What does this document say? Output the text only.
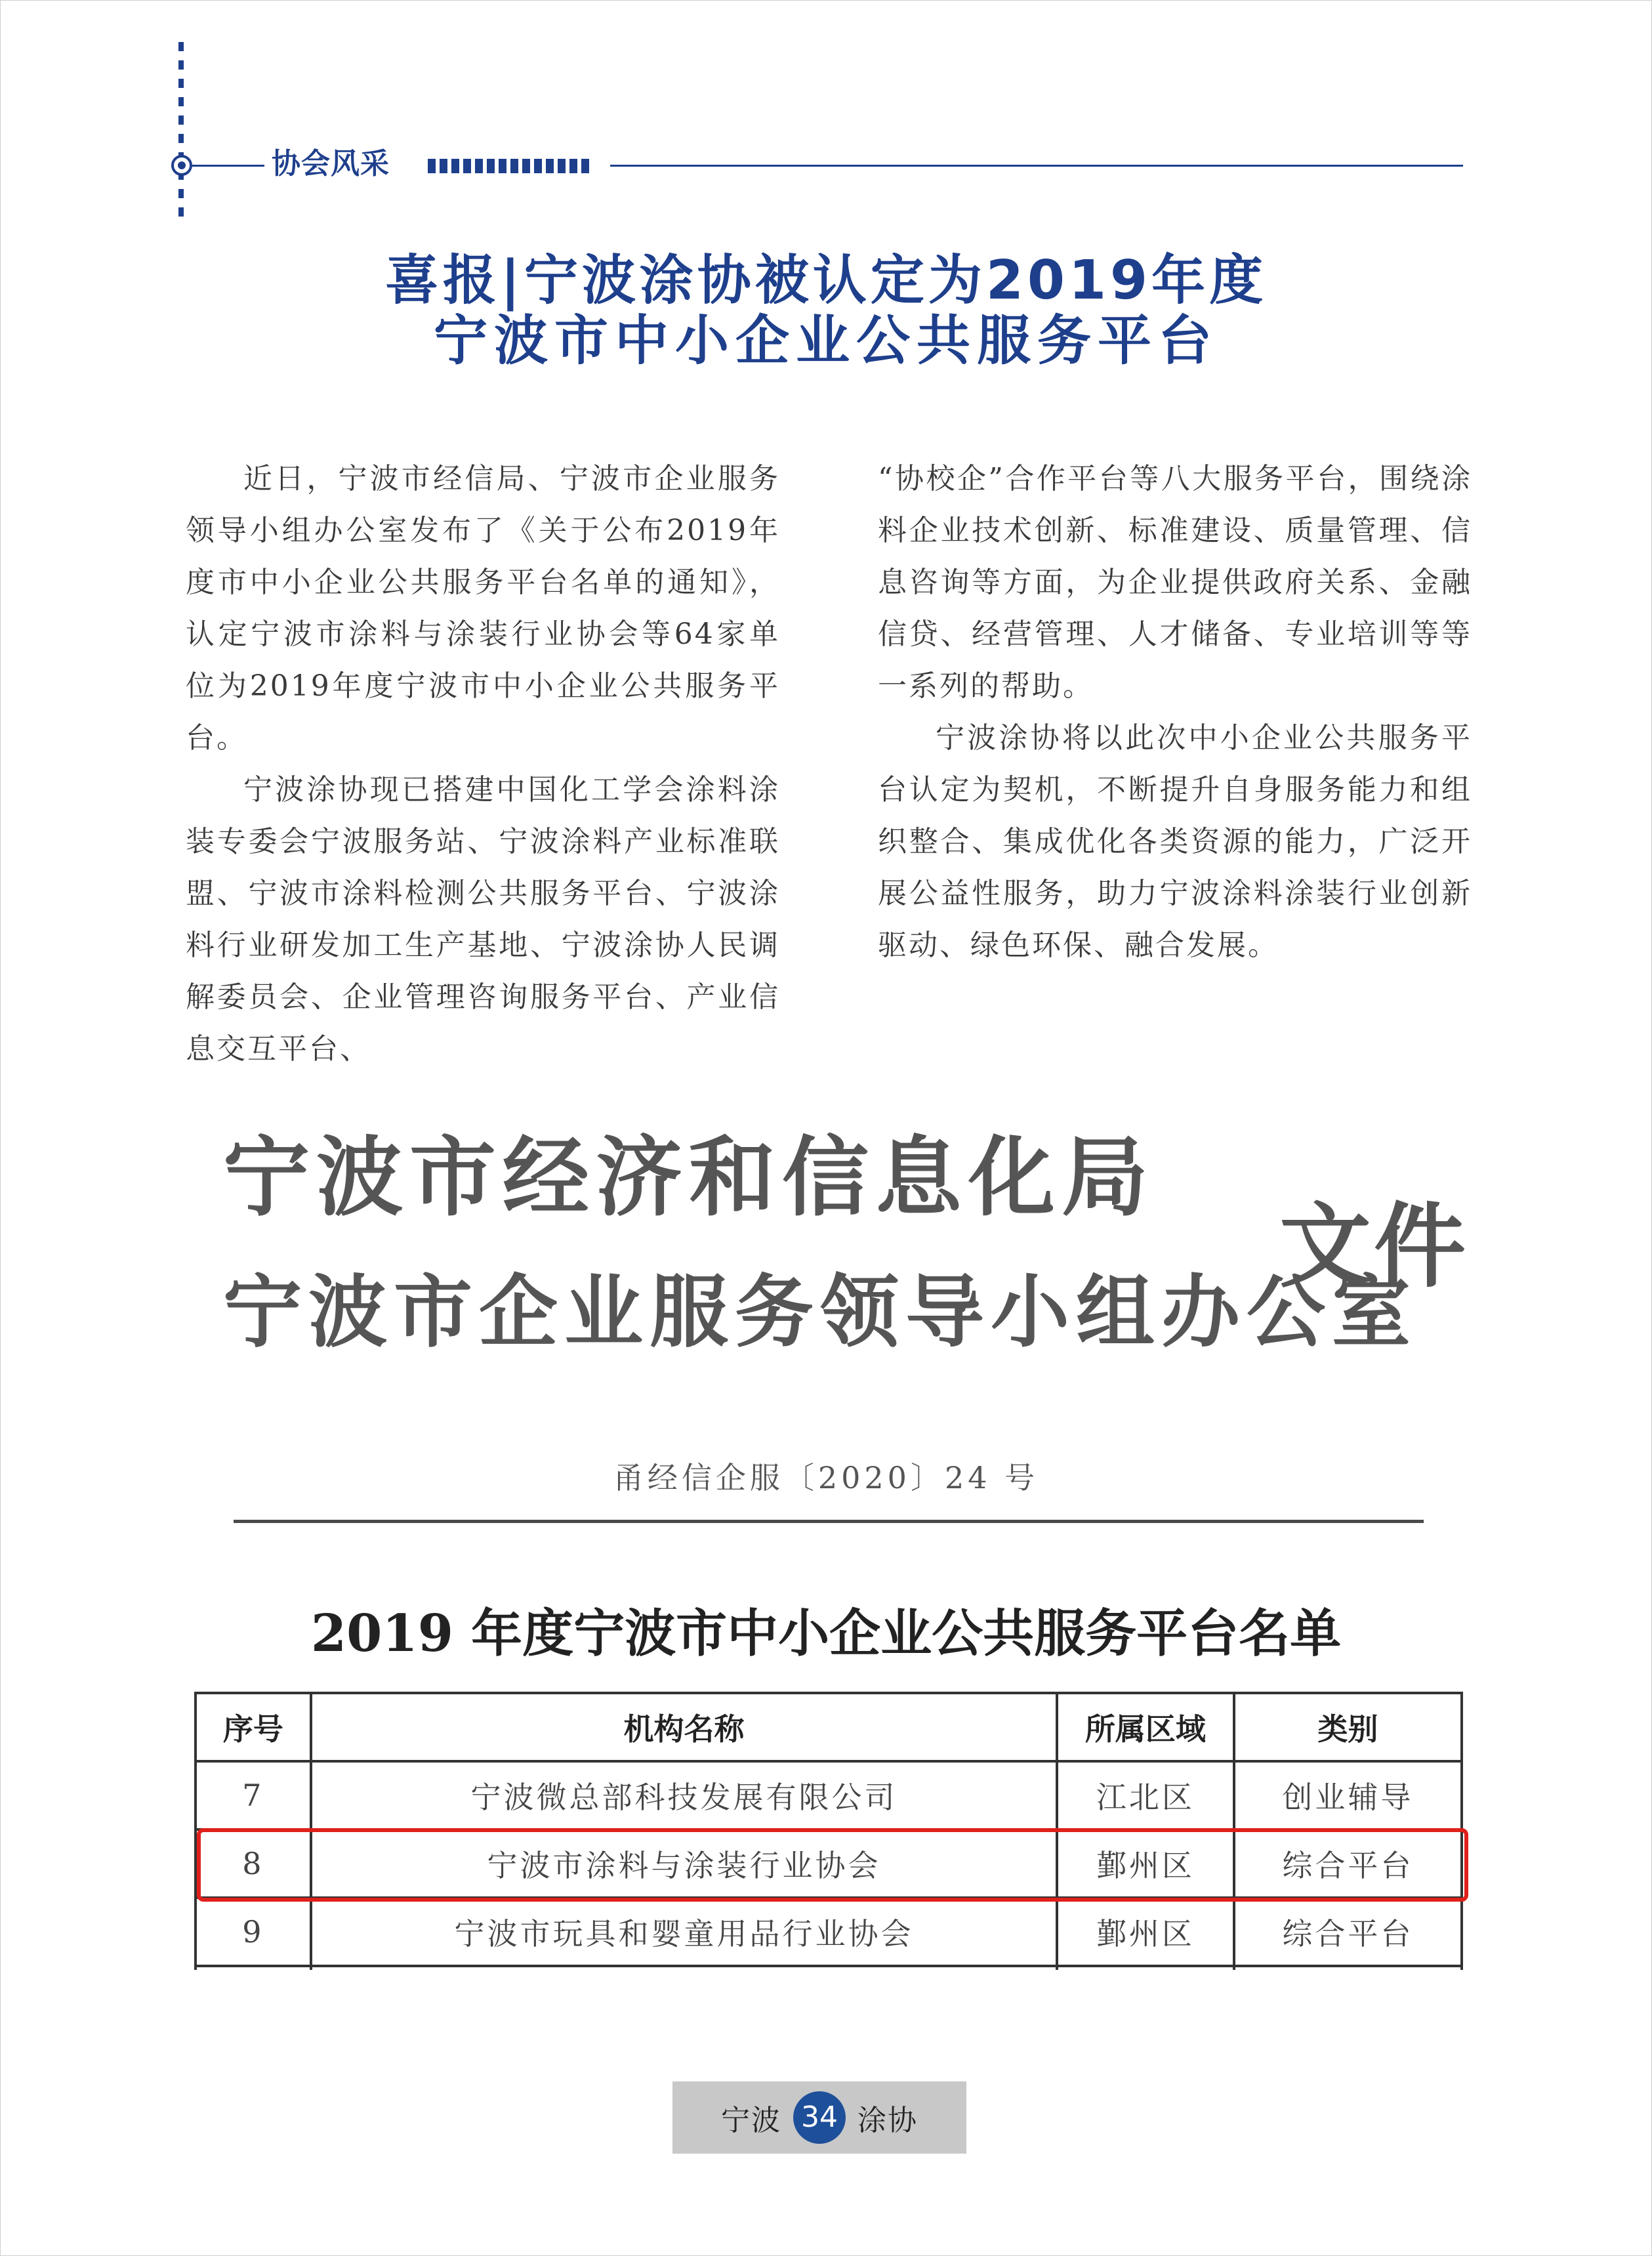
协会风采
喜报|宁波涂协被认定为2019年度
宁波市中小企业公共服务平台

近日，宁波市经信局、宁波市企业服务领导小组办公室发布了《关于公布2019年度市中小企业公共服务平台名单的通知》，认定宁波市涂料与涂装行业协会等64家单位为2019年度宁波市中小企业公共服务平台。

宁波涂协现已搭建中国化工学会涂料涂装专委会宁波服务站、宁波涂料产业标准联盟、宁波市涂料检测公共服务平台、宁波涂料行业研发加工生产基地、宁波涂协人民调解委员会、企业管理咨询服务平台、产业信息交互平台、

“协校企”合作平台等八大服务平台，围绕涂料企业技术创新、标准建设、质量管理、信息咨询等方面，为企业提供政府关系、金融信贷、经营管理、人才储备、专业培训等等一系列的帮助。

宁波涂协将以此次中小企业公共服务平台认定为契机，不断提升自身服务能力和组织整合、集成优化各类资源的能力，广泛开展公益性服务，助力宁波涂料涂装行业创新驱动、绿色环保、融合发展。

宁波市经济和信息化局
宁波市企业服务领导小组办公室
文件
甬经信企服〔2020〕24 号
2019 年度宁波市中小企业公共服务平台名单
序号	机构名称	所属区域	类别
7	宁波微总部科技发展有限公司	江北区	创业辅导
8	宁波市涂料与涂装行业协会	鄞州区	综合平台
9	宁波市玩具和婴童用品行业协会	鄞州区	综合平台

宁波 34 涂协
